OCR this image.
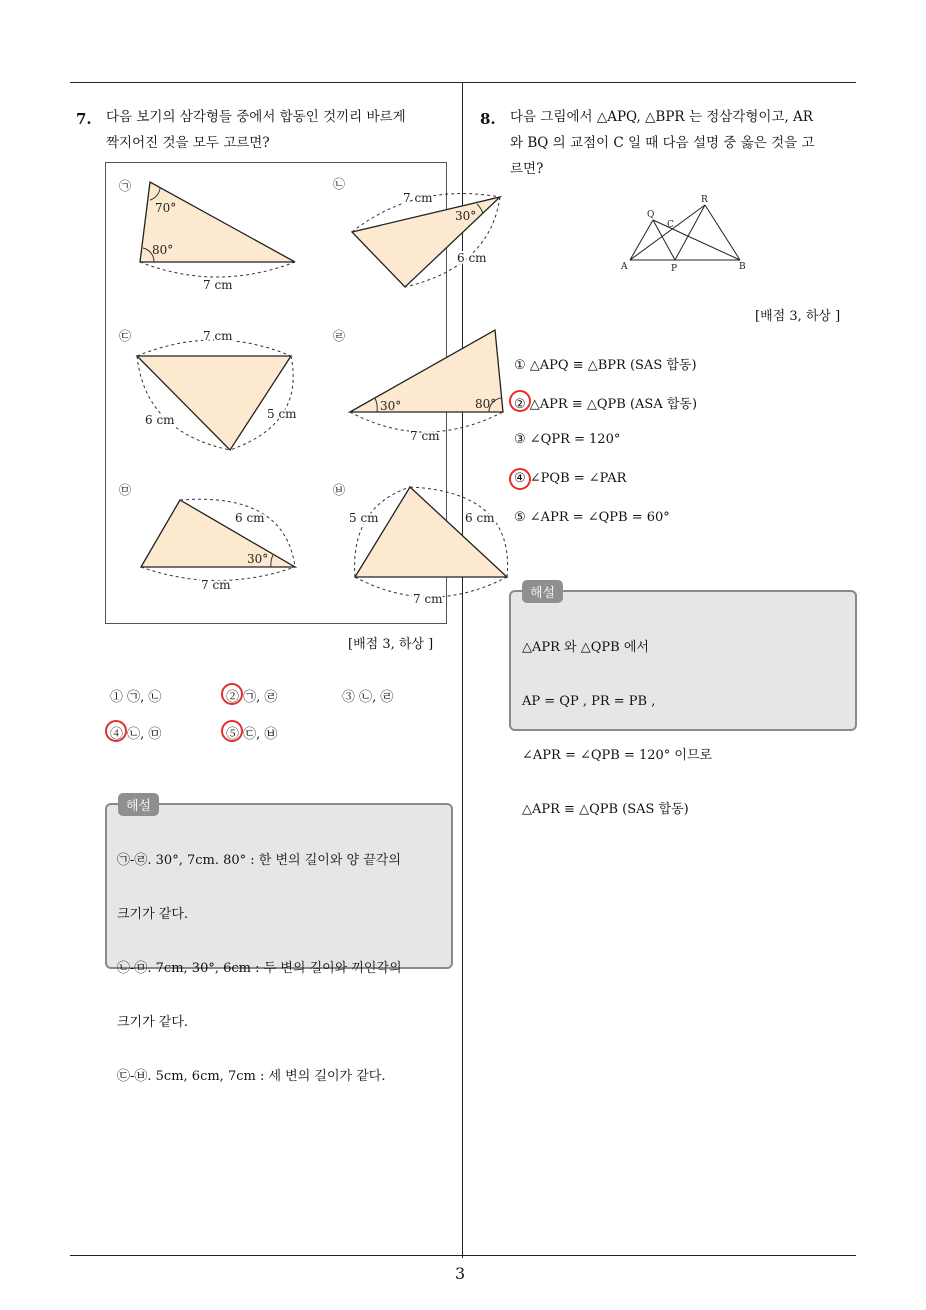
3
7. 다음 보기의 삼각형들 중에서 합동인 것끼리 바르게
짝지어진 것을 모두 고르면?
㉠
70°
80°
7 cm
㉡
7 cm
30°
6 cm
㉢	7 cm
6 cm	5 cm
㉣
30°	80°
7 cm
㉤
6 cm
30°
7 cm
㉥
5 cm	6 cm
7 cm
[배점 3, 하상 ]
① ㉠, ㉡	② ㉠, ㉣	③ ㉡, ㉣
④ ㉡, ㉤	⑤ ㉢, ㉥
해설

㉠-㉣. 30°, 7cm. 80° : 한 변의 길이와 양 끝각의

크기가 같다.

㉡-㉤. 7cm, 30°, 6cm : 두 변의 길이와 끼인각의

크기가 같다.

㉢-㉥. 5cm, 6cm, 7cm : 세 변의 길이가 같다.

8. 다음 그림에서 △APQ, △BPR 는 정삼각형이고, AR
와 BQ 의 교점이 C 일 때 다음 설명 중 옳은 것을 고
르면?
A	B
P
Q
R
C
[배점 3, 하상 ]
① △APQ ≡ △BPR (SAS 합동)
② △APR ≡ △QPB (ASA 합동)
③ ∠QPR = 120°
④ ∠PQB = ∠PAR
⑤ ∠APR = ∠QPB = 60°
해설

△APR 와 △QPB 에서

AP = QP , PR = PB ,

∠APR = ∠QPB = 120° 이므로

△APR ≡ △QPB (SAS 합동)
